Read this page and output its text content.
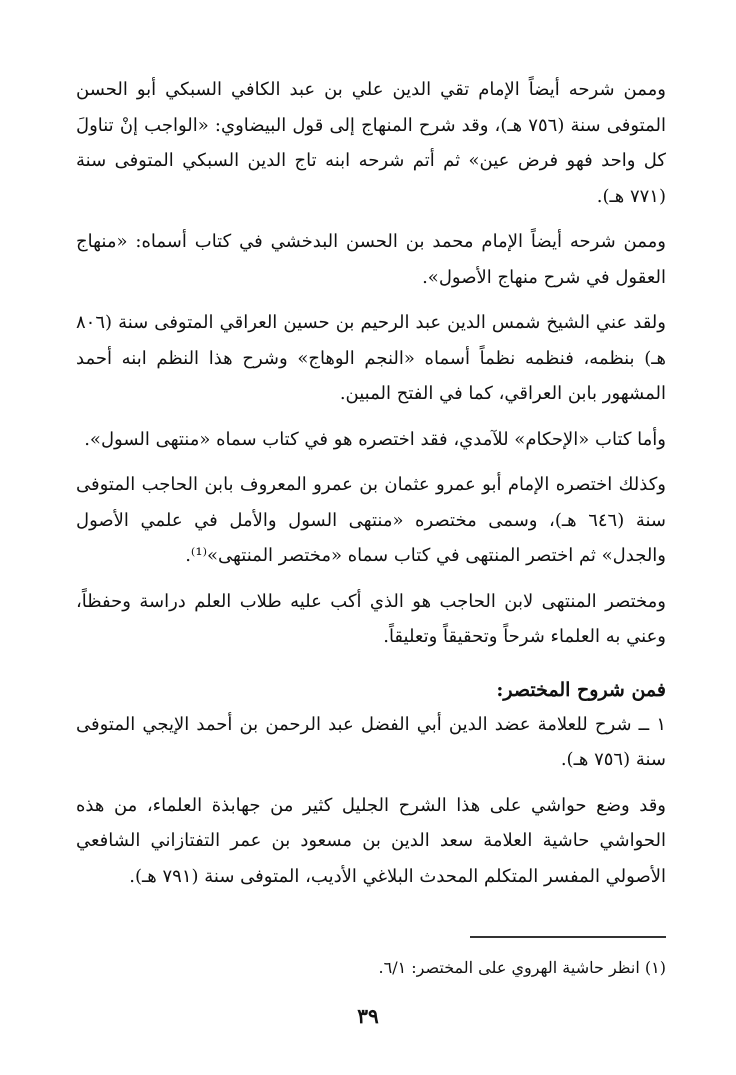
وممن شرحه أيضاً الإمام تقي الدين علي بن عبد الكافي السبكي أبو الحسن المتوفى سنة (٧٥٦ هـ)، وقد شرح المنهاج إلى قول البيضاوي: «الواجب إنْ تناولَ كل واحد فهو فرض عين» ثم أتم شرحه ابنه تاج الدين السبكي المتوفى سنة (٧٧١ هـ).

وممن شرحه أيضاً الإمام محمد بن الحسن البدخشي في كتاب أسماه: «منهاج العقول في شرح منهاج الأصول».

ولقد عني الشيخ شمس الدين عبد الرحيم بن حسين العراقي المتوفى سنة (٨٠٦ هـ) بنظمه، فنظمه نظماً أسماه «النجم الوهاج» وشرح هذا النظم ابنه أحمد المشهور بابن العراقي، كما في الفتح المبين.

وأما كتاب «الإحكام» للآمدي، فقد اختصره هو في كتاب سماه «منتهى السول».

وكذلك اختصره الإمام أبو عمرو عثمان بن عمرو المعروف بابن الحاجب المتوفى سنة (٦٤٦ هـ)، وسمى مختصره «منتهى السول والأمل في علمي الأصول والجدل» ثم اختصر المنتهى في كتاب سماه «مختصر المنتهى»⁽¹⁾.

ومختصر المنتهى لابن الحاجب هو الذي أكب عليه طلاب العلم دراسة وحفظاً، وعني به العلماء شرحاً وتحقيقاً وتعليقاً.

فمن شروح المختصر:

١ ــ شرح للعلامة عضد الدين أبي الفضل عبد الرحمن بن أحمد الإيجي المتوفى سنة (٧٥٦ هـ).

وقد وضع حواشي على هذا الشرح الجليل كثير من جهابذة العلماء، من هذه الحواشي حاشية العلامة سعد الدين بن مسعود بن عمر التفتازاني الشافعي الأصولي المفسر المتكلم المحدث البلاغي الأديب، المتوفى سنة (٧٩١ هـ).

(١) انظر حاشية الهروي على المختصر: ٦/١.
٣٩
